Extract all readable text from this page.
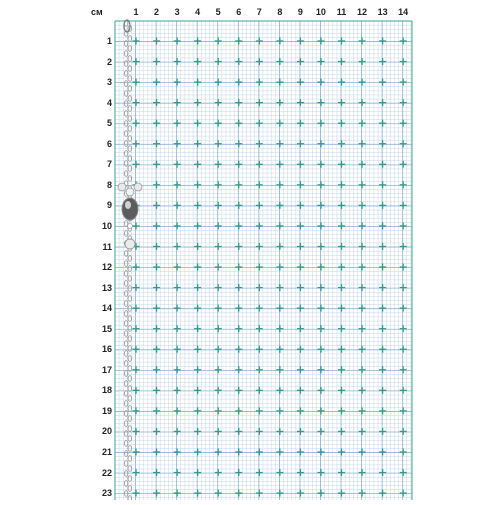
см	1	2	3	4	5	6	7	8	9	10	11	12	13	14
1
2
3
4
5
6
7
8
9
10
11
12
13
14
15
16
17
18
19
20
21
22
23
